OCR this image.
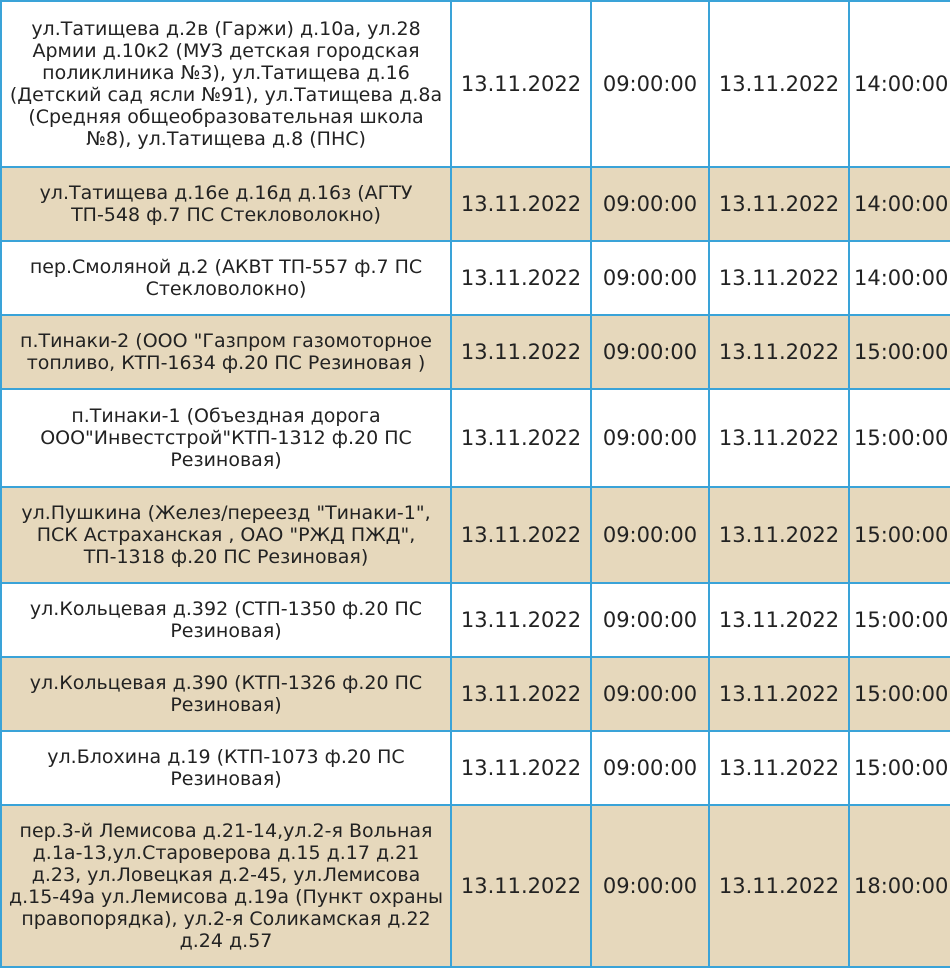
ул.Татищева д.2в (Гаржи) д.10а, ул.28 Армии д.10к2 (МУЗ детская городская поликлиника №3), ул.Татищева д.16 (Детский сад ясли №91), ул.Татищева д.8а (Средняя общеобразовательная школа №8), ул.Татищева д.8 (ПНС)	13.11.2022	09:00:00	13.11.2022	14:00:00
ул.Татищева д.16е д.16д д.16з (АГТУ ТП-548 ф.7 ПС Стекловолокно)	13.11.2022	09:00:00	13.11.2022	14:00:00
пер.Смоляной д.2 (АКВТ ТП-557 ф.7 ПС Стекловолокно)	13.11.2022	09:00:00	13.11.2022	14:00:00
п.Тинаки-2 (ООО "Газпром газомоторное топливо, КТП-1634 ф.20 ПС Резиновая )	13.11.2022	09:00:00	13.11.2022	15:00:00
п.Тинаки-1 (Объездная дорога ООО"Инвестстрой"КТП-1312 ф.20 ПС Резиновая)	13.11.2022	09:00:00	13.11.2022	15:00:00
ул.Пушкина (Желез/переезд "Тинаки-1", ПСК Астраханская , ОАО "РЖД ПЖД", ТП-1318 ф.20 ПС Резиновая)	13.11.2022	09:00:00	13.11.2022	15:00:00
ул.Кольцевая д.392 (СТП-1350 ф.20 ПС Резиновая)	13.11.2022	09:00:00	13.11.2022	15:00:00
ул.Кольцевая д.390 (КТП-1326 ф.20 ПС Резиновая)	13.11.2022	09:00:00	13.11.2022	15:00:00
ул.Блохина д.19 (КТП-1073 ф.20 ПС Резиновая)	13.11.2022	09:00:00	13.11.2022	15:00:00
пер.3-й Лемисова д.21-14,ул.2-я Вольная д.1а-13,ул.Староверова д.15 д.17 д.21 д.23, ул.Ловецкая д.2-45, ул.Лемисова д.15-49а ул.Лемисова д.19а (Пункт охраны правопорядка), ул.2-я Соликамская д.22 д.24 д.57	13.11.2022	09:00:00	13.11.2022	18:00:00
